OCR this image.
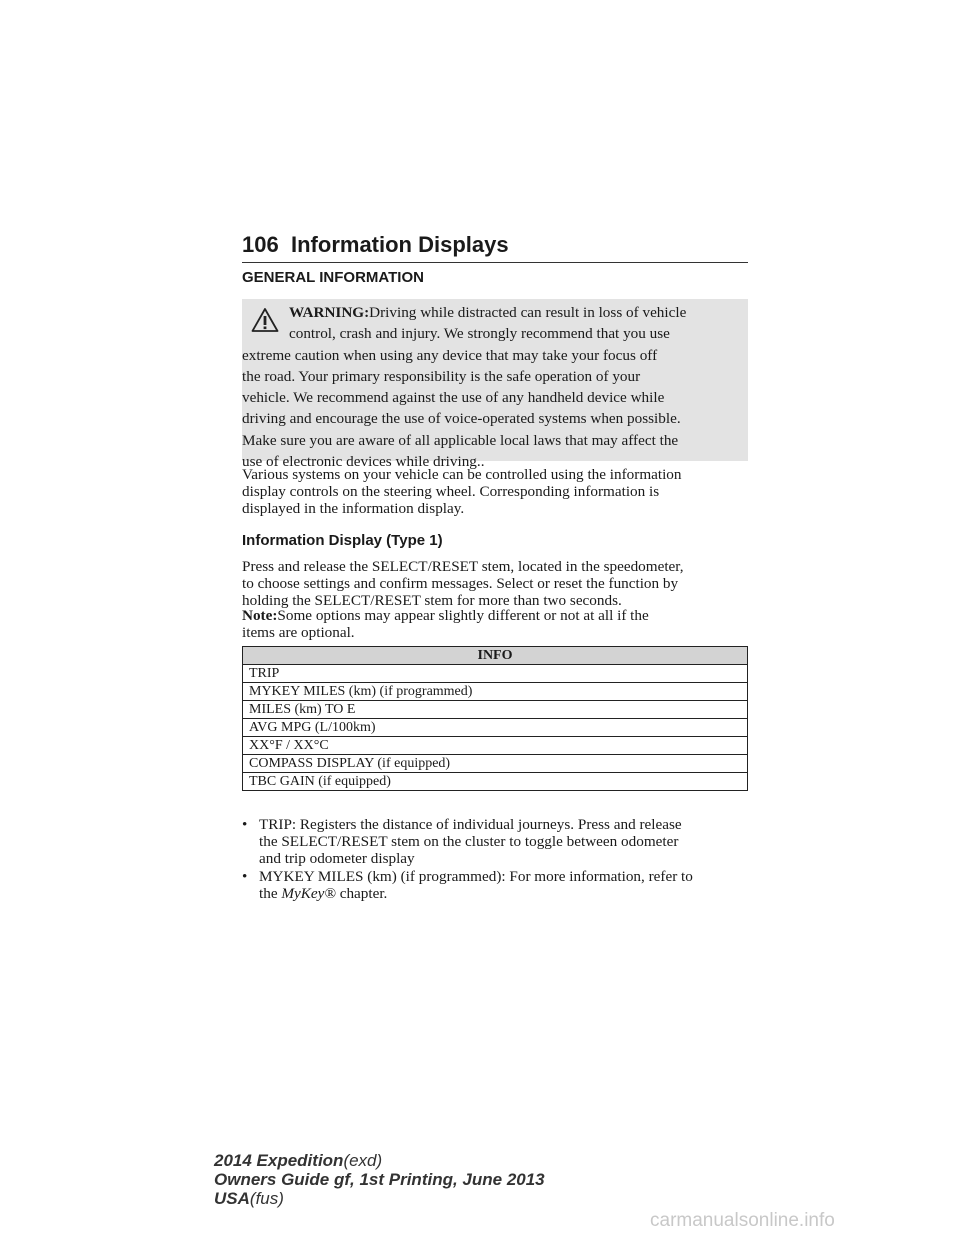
106 Information Displays
GENERAL INFORMATION
WARNING:Driving while distracted can result in loss of vehicle
control, crash and injury. We strongly recommend that you use
extreme caution when using any device that may take your focus off
the road. Your primary responsibility is the safe operation of your
vehicle. We recommend against the use of any handheld device while
driving and encourage the use of voice-operated systems when possible.
Make sure you are aware of all applicable local laws that may affect the
use of electronic devices while driving..
Various systems on your vehicle can be controlled using the information
display controls on the steering wheel. Corresponding information is
displayed in the information display.
Information Display (Type 1)
Press and release the SELECT/RESET stem, located in the speedometer,
to choose settings and confirm messages. Select or reset the function by
holding the SELECT/RESET stem for more than two seconds.
Note:Some options may appear slightly different or not at all if the
items are optional.
INFO
TRIP
MYKEY MILES (km) (if programmed)
MILES (km) TO E
AVG MPG (L/100km)
XX°F / XX°C
COMPASS DISPLAY (if equipped)
TBC GAIN (if equipped)
• TRIP: Registers the distance of individual journeys. Press and release
the SELECT/RESET stem on the cluster to toggle between odometer
and trip odometer display
• MYKEY MILES (km) (if programmed): For more information, refer to
the MyKey® chapter.
2014 Expedition(exd)
Owners Guide gf, 1st Printing, June 2013
USA(fus)
carmanualsonline.info
